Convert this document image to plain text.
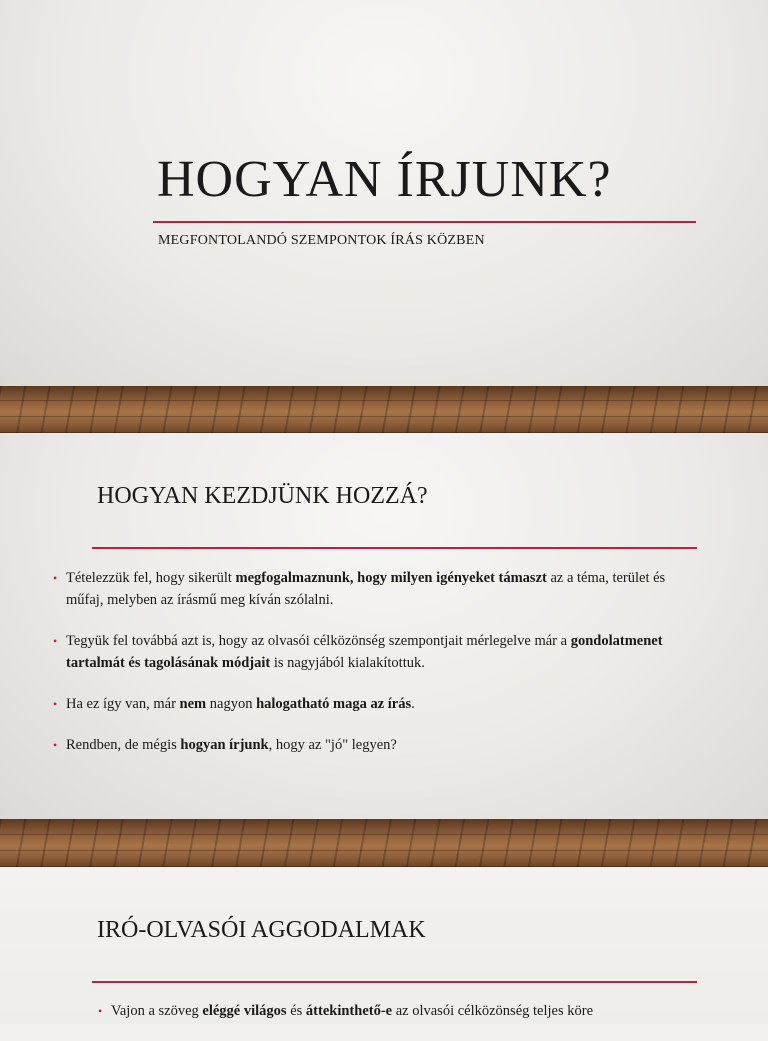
HOGYAN ÍRJUNK?
MEGFONTOLANDÓ SZEMPONTOK ÍRÁS KÖZBEN
HOGYAN KEZDJÜNK HOZZÁ?
• Tételezzük fel, hogy sikerült megfogalmaznunk, hogy milyen igényeket támaszt az a téma, terület és műfaj, melyben az írásmű meg kíván szólalni.
• Tegyük fel továbbá azt is, hogy az olvasói célközönség szempontjait mérlegelve már a gondolatmenet tartalmát és tagolásának módjait is nagyjából kialakítottuk.
• Ha ez így van, már nem nagyon halogatható maga az írás.
• Rendben, de mégis hogyan írjunk, hogy az "jó" legyen?
IRÓ-OLVASÓI AGGODALMAK
• Vajon a szöveg eléggé világos és áttekinthető-e az olvasói célközönség teljes köre
